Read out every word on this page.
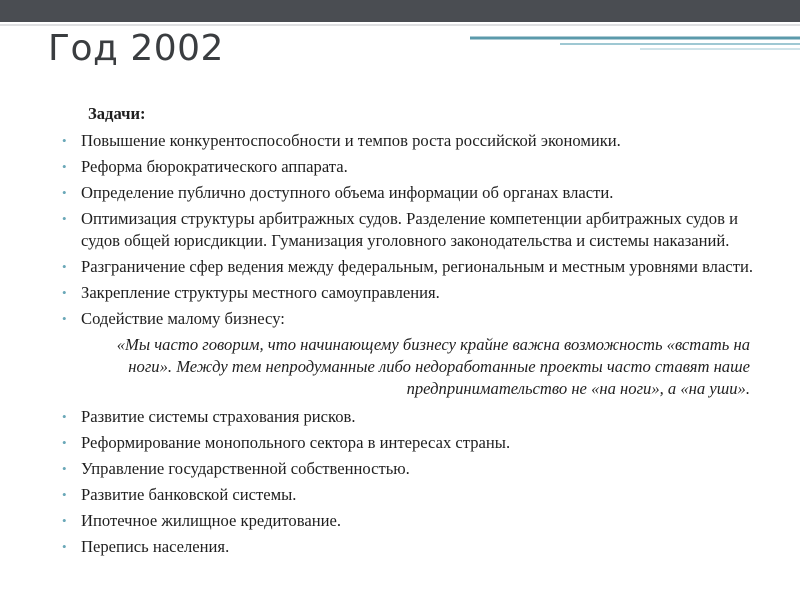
Год 2002
Задачи:
• Повышение конкурентоспособности и темпов роста российской экономики.
• Реформа бюрократического аппарата.
• Определение публично доступного объема информации об органах власти.
• Оптимизация структуры арбитражных судов. Разделение компетенции арбитражных судов и судов общей юрисдикции. Гуманизация уголовного законодательства и системы наказаний.
• Разграничение сфер ведения между федеральным, региональным и местным уровнями власти.
• Закрепление структуры местного самоуправления.
• Содействие малому бизнесу:
«Мы часто говорим, что начинающему бизнесу крайне важна возможность «встать на ноги». Между тем непродуманные либо недоработанные проекты часто ставят наше предпринимательство не «на ноги», а «на уши».
• Развитие системы страхования рисков.
• Реформирование монопольного сектора в интересах страны.
• Управление государственной собственностью.
• Развитие банковской системы.
• Ипотечное жилищное кредитование.
• Перепись населения.
